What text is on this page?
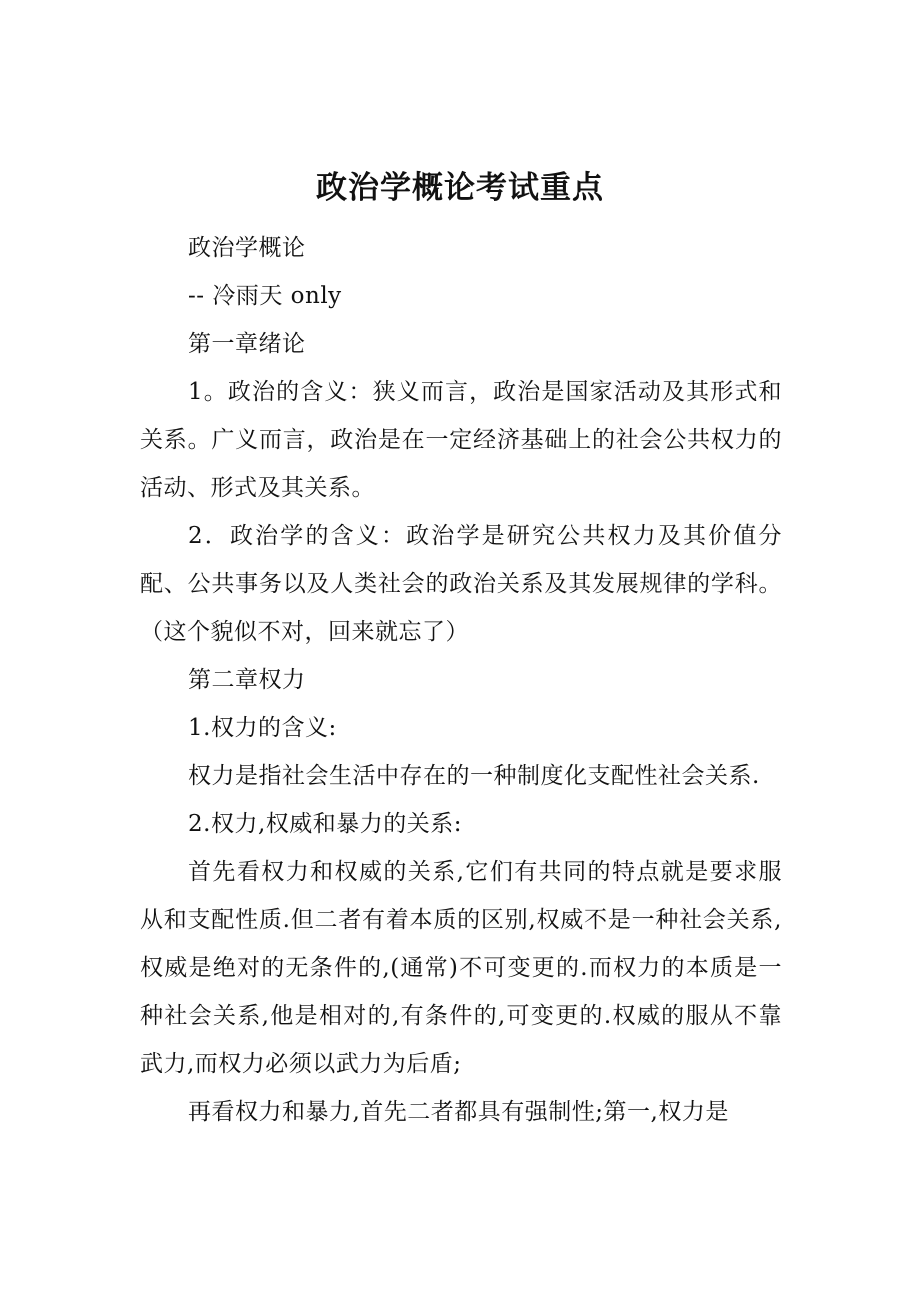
政治学概论考试重点

政治学概论

-- 冷雨天 only

第一章绪论

1。政治的含义：狭义而言，政治是国家活动及其形式和关系。广义而言，政治是在一定经济基础上的社会公共权力的活动、形式及其关系。

2．政治学的含义：政治学是研究公共权力及其价值分配、公共事务以及人类社会的政治关系及其发展规律的学科。（这个貌似不对，回来就忘了）

第二章权力

1.权力的含义:

权力是指社会生活中存在的一种制度化支配性社会关系.

2.权力,权威和暴力的关系:

首先看权力和权威的关系,它们有共同的特点就是要求服从和支配性质.但二者有着本质的区别,权威不是一种社会关系,权威是绝对的无条件的,(通常)不可变更的.而权力的本质是一种社会关系,他是相对的,有条件的,可变更的.权威的服从不靠武力,而权力必须以武力为后盾;

再看权力和暴力,首先二者都具有强制性;第一,权力是
